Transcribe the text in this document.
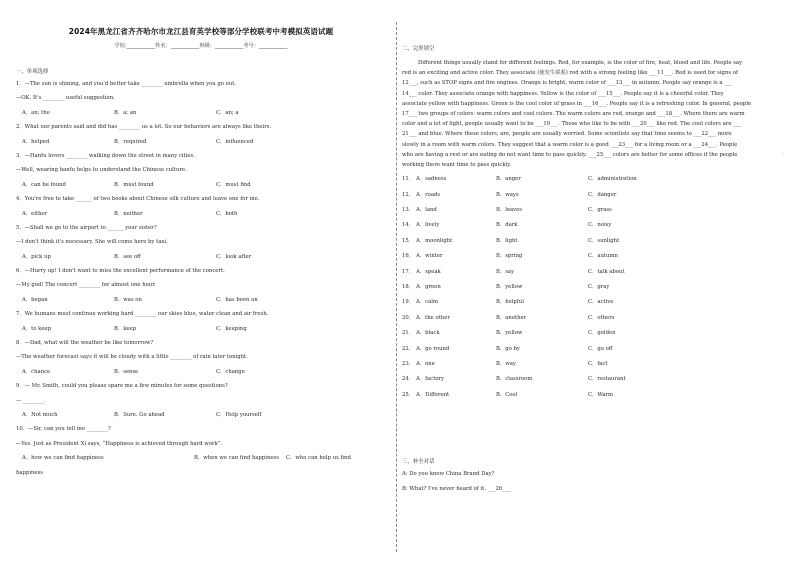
·
2024年黑龙江省齐齐哈尔市龙江县育英学校等部分学校联考中考模拟英语试题
学校:___________姓名：___________班级：___________考号：___________
一、单项选择
1．—The sun is shining, and you'd better take ________ umbrella when you go out.
—OK. It's ________ useful suggestion.
A．an; the	B．a; an	C．an; a
2．What our parents said and did has ________ us a lot. So our behaviors are always like theirs.
A．helped	B．required	C．influenced
3．—Hanfu lovers ________ walking down the street in many cities.
—Well, wearing hanfu helps to understand the Chinese culture.
A．can be found	B．must found	C．must find
4．You're free to take ______ of two books about Chinese silk culture and leave one for me.
A．either	B．neither	C．both
5．—Shall we go to the airport to ______ your sister?
—I don't think it's necessary. She will come here by taxi.
A．pick up	B．see off	C．look after
6．—Hurry up! I don't want to miss the excellent performance of the concert.
—My god! The concert ________ for almost one hour.
A．began	B．was on	C．has been on
7．We humans must continue working hard ________ our skies blue, water clean and air fresh.
A．to keep	B．keep	C．keeping
8．—Dad, what will the weather be like tomorrow?
—The weather forecast says it will be cloudy with a little ________ of rain later tonight.
A．chance	B．sense	C．change
9．— Mr. Smith, could you please spare me a few minutes for some questions?
— ________.
A．Not much	B．Sure. Go ahead	C．Help yourself
10．—Sir, can you tell me ________?
—Yes. Just as President Xi says, “Happiness is achieved through hard work”.
A．how we can find happiness	B．when we can find happiness	C．who can help us find
happiness
二、完形填空
Different things usually stand for different feelings. Red, for example, is the color of fire, heat, blood and life. People say
red is an exciting and active color. They associate (使发生联系) red with a strong feeling like ___11___. Red is used for signs of
12___, such as STOP signs and fire engines. Orange is bright, warm color of ___13___ in autumn. People say orange is a ___
14___ color. They associate orange with happiness. Yellow is the color of ___15___. People say it is a cheerful color. They
associate yellow with happiness. Green is the cool color of grass in ___16___. People say it is a refreshing color. In general, people
17___ two groups of colors: warm colors and cool colors. The warm colors are red, orange and ___18___. Where there are warm
color and a lot of light, people usually want to be ___19___. Those who like to be with ___20___ like red. The cool colors are ___
21___ and blue. Where these colors, are, people are usually worried. Some scientists say that time seems to ___22___ more
slowly in a room with warm colors. They suggest that a warm color is a good ___23___ for a living room or a ___24___. People
who are having a rest or are eating do not want time to pass quickly. ___25___ colors are better for some offices if the people
working there want time to pass quickly.
11． A．sadness	B．anger	C．administration
12． A．roads	B．ways	C．danger
13． A．land	B．leaves	C．grass
14． A．lively	B．dark	C．noisy
15． A．moonlight	B．light	C．sunlight
16． A．winter	B．spring	C．autumn
17． A．speak	B．say	C．talk about
18． A．green	B．yellow	C．gray
19． A．calm	B．helpful	C．active
20． A．the other	B．another	C．others
21． A．black	B．yellow	C．golden
22． A．go round	B．go by	C．go off
23． A．one	B．way	C．fact
24． A．factory	B．classroom	C．restaurant
25． A．Different	B．Cool	C．Warm
三、补全对话
A: Do you know China Brand Day?
B: What? I've never heard of it. ___26___
